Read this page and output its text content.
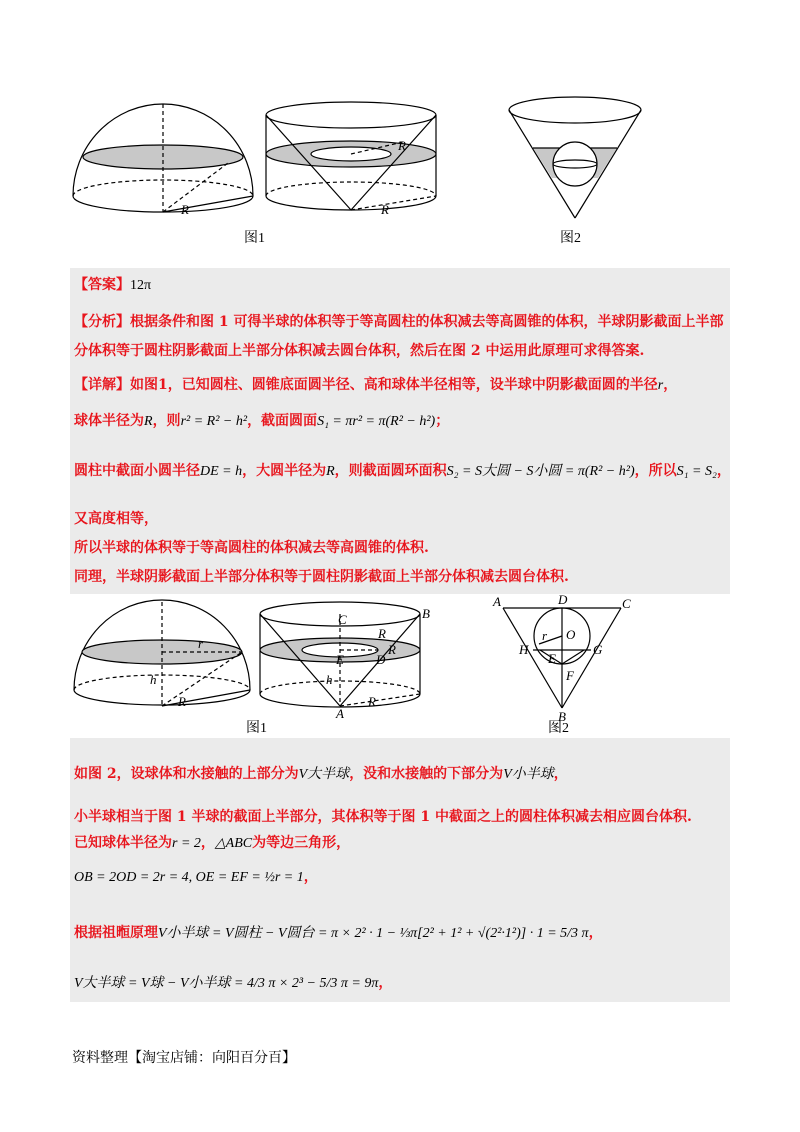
R
R
R
图1	图2
【答案】12π
【分析】根据条件和图 1 可得半球的体积等于等高圆柱的体积减去等高圆锥的体积，半球阴影截面上半部
分体积等于圆柱阴影截面上半部分体积减去圆台体积，然后在图 2 中运用此原理可求得答案.
【详解】如图1，已知圆柱、圆锥底面圆半径、高和球体半径相等，设半球中阴影截面圆的半径r，
球体半径为R，则r² = R² − h²，截面圆面S₁ = πr² = π(R² − h²)；
圆柱中截面小圆半径DE = h，大圆半径为R，则截面圆环面积S₂ = S大圆 − S小圆 = π(R² − h²)，所以S₁ = S₂，
又高度相等，
所以半球的体积等于等高圆柱的体积减去等高圆锥的体积.
同理，半球阴影截面上半部分体积等于圆柱阴影截面上半部分体积减去圆台体积.
r
h
R
C	B
R
E D
R
h
A
R
A	D	C
r O
H
E
G
F
B
图1	图2
如图 2，设球体和水接触的上部分为V大半球，没和水接触的下部分为V小半球，
小半球相当于图 1 半球的截面上半部分，其体积等于图 1 中截面之上的圆柱体积减去相应圆台体积.
已知球体半径为r = 2，△ABC为等边三角形，
OB = 2OD = 2r = 4, OE = EF = ½r = 1，
根据祖暅原理V小半球 = V圆柱 − V圆台 = π × 2² · 1 − ⅓π[2² + 1² + √(2²·1²)] · 1 = 5/3 π，
V大半球 = V球 − V小半球 = 4/3 π × 2³ − 5/3 π = 9π，
资料整理【淘宝店铺：向阳百分百】
